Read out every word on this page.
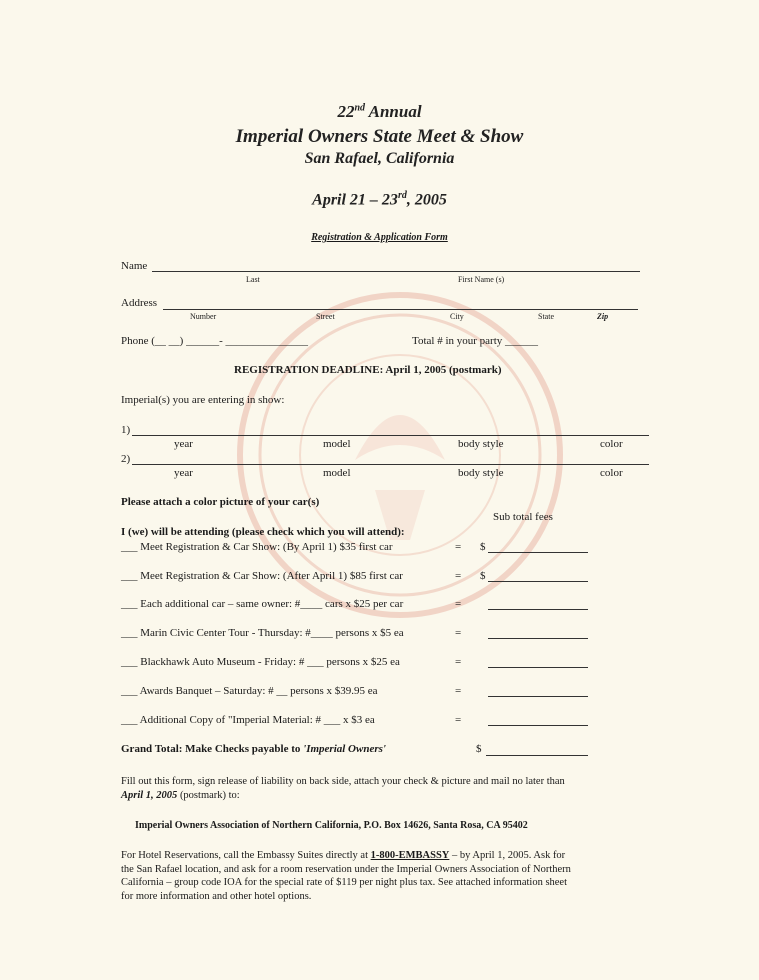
22nd Annual
Imperial Owners State Meet & Show
San Rafael, California
April 21 – 23rd, 2005
Registration & Application Form
Name
Last	First Name (s)
Address
Number	Street	City	State	Zip
Phone (__ __) ______- _______________	Total # in your party ______
REGISTRATION DEADLINE: April 1, 2005 (postmark)
Imperial(s) you are entering in show:
1)
year	model	body style	color
2)
year	model	body style	color
Please attach a color picture of your car(s)
Sub total fees
I (we) will be attending (please check which you will attend):
___ Meet Registration & Car Show: (By April 1) $35 first car	= $
___ Meet Registration & Car Show: (After April 1) $85 first car	= $
___ Each additional car – same owner: #____ cars x $25 per car	=
___ Marin Civic Center Tour - Thursday: #____ persons x $5 ea	=
___ Blackhawk Auto Museum - Friday: # ___ persons x $25 ea	=
___ Awards Banquet – Saturday: # __ persons x $39.95 ea	=
___ Additional Copy of "Imperial Material: # ___ x $3 ea	=
Grand Total: Make Checks payable to 'Imperial Owners'	$
Fill out this form, sign release of liability on back side, attach your check & picture and mail no later than
April 1, 2005 (postmark) to:
Imperial Owners Association of Northern California, P.O. Box 14626, Santa Rosa, CA 95402
For Hotel Reservations, call the Embassy Suites directly at 1-800-EMBASSY – by April 1, 2005. Ask for
the San Rafael location, and ask for a room reservation under the Imperial Owners Association of Northern
California – group code IOA for the special rate of $119 per night plus tax. See attached information sheet
for more information and other hotel options.
